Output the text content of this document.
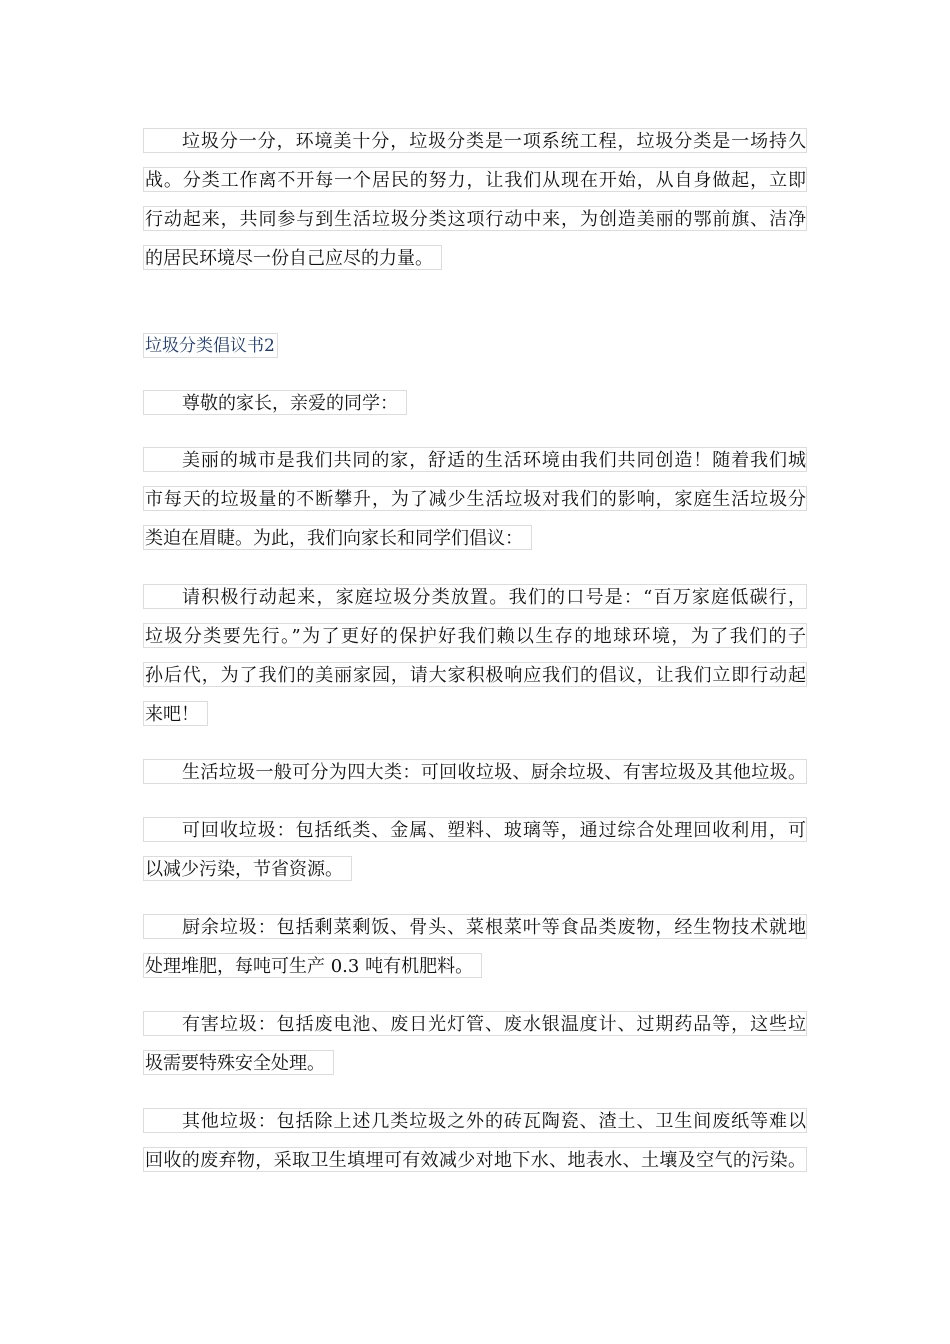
垃圾分一分，环境美十分，垃圾分类是一项系统工程，垃圾分类是一场持久
战。分类工作离不开每一个居民的努力，让我们从现在开始，从自身做起，立即
行动起来，共同参与到生活垃圾分类这项行动中来，为创造美丽的鄂前旗、洁净
的居民环境尽一份自己应尽的力量。
垃圾分类倡议书2
尊敬的家长，亲爱的同学：
美丽的城市是我们共同的家，舒适的生活环境由我们共同创造！随着我们城
市每天的垃圾量的不断攀升，为了减少生活垃圾对我们的影响，家庭生活垃圾分
类迫在眉睫。为此，我们向家长和同学们倡议：
请积极行动起来，家庭垃圾分类放置。我们的口号是：“百万家庭低碳行，
垃圾分类要先行。”为了更好的保护好我们赖以生存的地球环境，为了我们的子
孙后代，为了我们的美丽家园，请大家积极响应我们的倡议，让我们立即行动起
来吧！
生活垃圾一般可分为四大类：可回收垃圾、厨余垃圾、有害垃圾及其他垃圾。
可回收垃圾：包括纸类、金属、塑料、玻璃等，通过综合处理回收利用，可
以减少污染，节省资源。
厨余垃圾：包括剩菜剩饭、骨头、菜根菜叶等食品类废物，经生物技术就地
处理堆肥，每吨可生产 0.3 吨有机肥料。
有害垃圾：包括废电池、废日光灯管、废水银温度计、过期药品等，这些垃
圾需要特殊安全处理。
其他垃圾：包括除上述几类垃圾之外的砖瓦陶瓷、渣土、卫生间废纸等难以
回收的废弃物，采取卫生填埋可有效减少对地下水、地表水、土壤及空气的污染。
